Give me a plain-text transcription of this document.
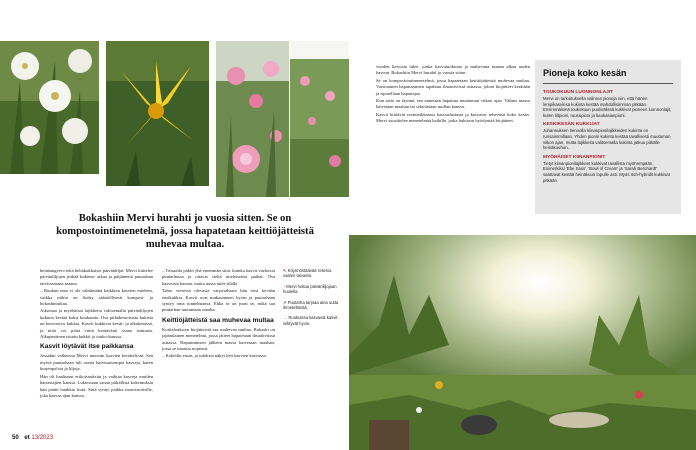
Bokashiin Mervi hurahti jo vuosia sitten. Se on kompostointimenetelmä, jossa hapatetaan keittiöjätteistä muhevaa multaa.

heinäangervo tekä keltakukkaiset päivänliljat. Mervi kiittelee päivänliljojen pitkää kukinta- aikaa ja päijäntettä puutarhan tarvitsemana maana.

– Ruukun maa ei ole välttämättä kaikkien kasvien mieleen, vaikka niihin on lisätty sääntöllisesti kompost- ja bokashimultaa.

Aikoinaa ja myöhäistä lajikkeita valitsemalla päivänliljojen kukinta kestää kaksi kuukautta. Osa pitkäkestoisista kukista on kerrossivu kukkia. Kasvit kukkivat kevät- ja alkukesässä, ja niitä voi pitää väriä keräävänä osana istutusta. Alkuperäinen istuttu kukkii jo touko-kuussa.

Kasvit löytävät itse paikkansa

Jossakin vaiheessa Mervi innostui kasvien kerättelystä. Sen myötä puutarhaan tuli useita harvinaisempia kasveja, kuten kurjenpolvia ja liljoja.

Hän oli haaltunut erikoisuuksiin ja vaihtaa kasveja muiden harrastajien kanssa. Lukiessaan sanan pitkällisiä kokemuksia hän päätti hankkia lisää. Siitä syntyi paikka monivuotisille, joka kasvaa ajan kanssa.

– Toisaalta pidän yhä enemmän siitä, kuinka kasvit vaeltavat puutarhassa ja ottavat sieltä mieleisensä paikat. Osa kasveista katoaa, mutta uusia tulee tilalle.

Tahto vieressä olevasta varjotarhasta hän toisi kevään ensikukkia. Kasvit ovat mukautuneet hyvin ja puutarhaan syntyy oma tunnelmansa. Ehkä se on juuri se, mikä saa puutarhan tuntumaan omalta.

Keittiöjätteistä saa muhevaa multaa

Kotitalouksien biojätteistä saa muhevaa multaa. Bokashi on japanilainen menetelmä, jossa jätteet hapatetaan ilmatiiviissä astiassa. Hapattumisen jälkeen massa kaivetaan maahan, jossa se maatuu nopeasti.

– Kokeilin ensin, ja tuloksia näkyi heti kasvien kasvussa.

↖ Köynnöstäävää rosenia vasten taivasta.

↑ Mervi hoitaa päivänliljojaan huolella.

↗ Puutarha tarjoaa aina uutta ihmeteltävää.

→ Ruukuissa kasvavat kasvit viihtyvät hyvin.

50 et 13/2023

vuoden kerrosta tulee, jonka kasvutuokiona ja muhevana maana alkaa uuden kasvun. Bokashiin Mervi hurahti jo vuosia sitten.

Se on kompostointimenetelmä, jossa hapatetaan keittiöjätteistä muhevaa multaa. Varsinainen hapattaminen tapahtuu ilmatiiviissä astiassa, johon biojätteet kerätään ja ripotellaan hapattajaa.

Kun astia on täynnä, sen annetaan hapattua muutaman viikon ajan. Valmis massa kaivetaan maahan tai sekoitetaan mullan kanssa.

Kasvit kiittävät ravinteikkaasta kasvualustasta ja kasvavat rehevästi koko kesän. Mervi suosittelee menetelmää kaikille, jotka haluavat hyödyntää biojätteet.

Pioneja koko kesän
TOUKOKUUN LUONNONLAJIT

Mervi on tarkoituksella valinnut pioneja niin, että hänen lempikasvinsa kukinta kestää mahdollisimman pitkään. Ensimmäisinä toukokuun puolivälissä kukkivat pioneen luonnonlajit, kuten tiltpioni, ruusupioni ja kaukasianpioni.

KESKIKESÄN KUKKIJAT

Juhannuksen tienoolla kiinanpionilajikkeiden kukinta on runsaimmillaan. Yhden pionin kukinta kestää tavallisesti muutaman viikon ajan, mutta lajikkeita valitsemalla kukinta jatkuu pitkälle heinäkuuhun.

MYÖHÄISET KIINANPIONIT

Tietyt kiinanpionilajikkeet kukkivat tavallista myöhempään. Esimerkiksi 'Ebe Sass', 'Bowl of Cream' ja 'Sarah Bernhardt' saattavat kestää heinäkuun lopulle asti. Myös Itoh-hybridit kukkivat pitkään.
